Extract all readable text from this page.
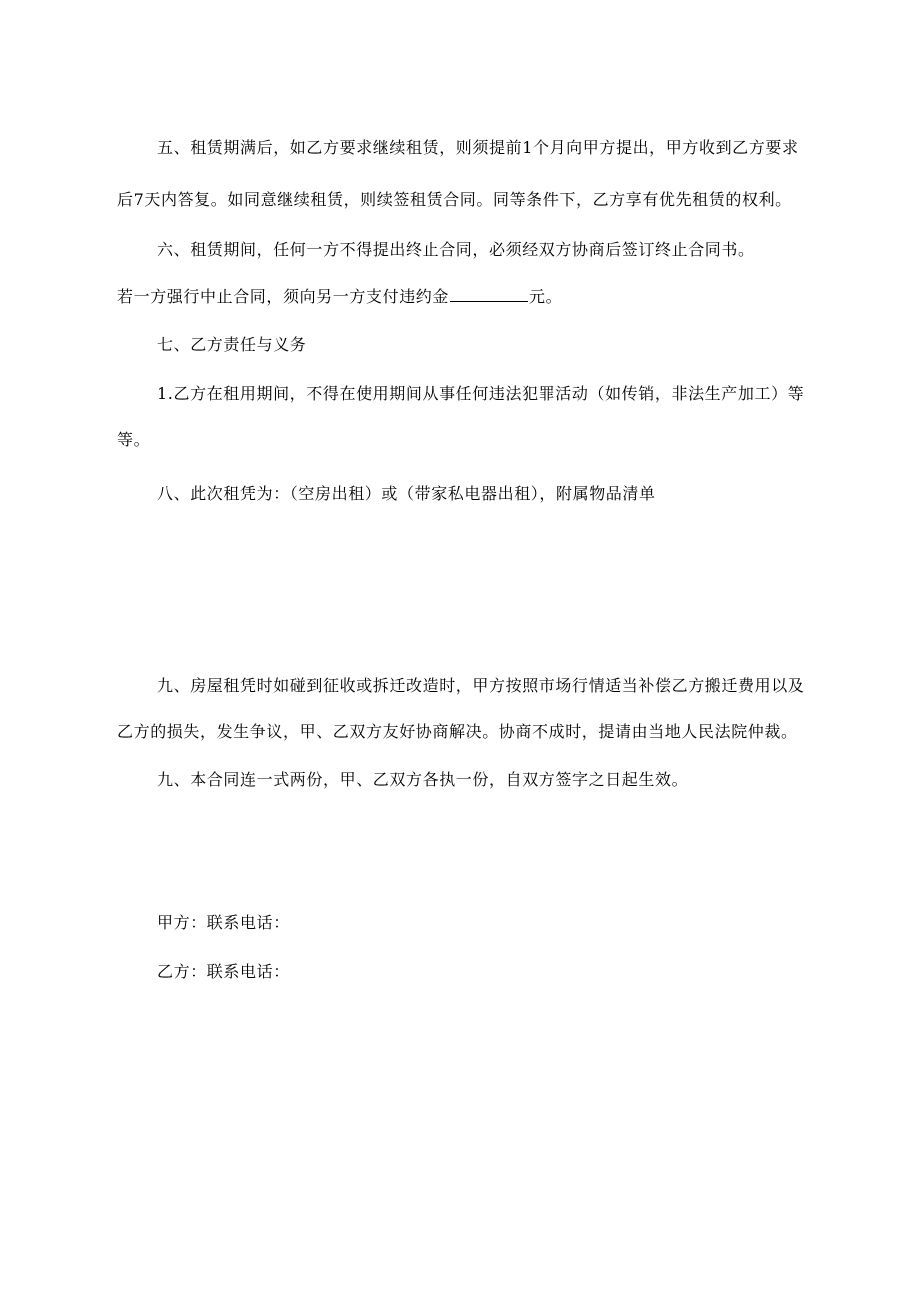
五、租赁期满后，如乙方要求继续租赁，则须提前1个月向甲方提出，甲方收到乙方要求
后7天内答复。如同意继续租赁，则续签租赁合同。同等条件下，乙方享有优先租赁的权利。
六、租赁期间，任何一方不得提出终止合同，必须经双方协商后签订终止合同书。
若一方强行中止合同，须向另一方支付违约金	元。
七、乙方责任与义务
1.乙方在租用期间，不得在使用期间从事任何违法犯罪活动（如传销，非法生产加工）等
等。
八、此次租凭为：（空房出租）或（带家私电器出租），附属物品清单
九、房屋租凭时如碰到征收或拆迁改造时，甲方按照市场行情适当补偿乙方搬迁费用以及
乙方的损失，发生争议，甲、乙双方友好协商解决。协商不成时，提请由当地人民法院仲裁。
九、本合同连一式两份，甲、乙双方各执一份，自双方签字之日起生效。
甲方：联系电话：
乙方：联系电话：
